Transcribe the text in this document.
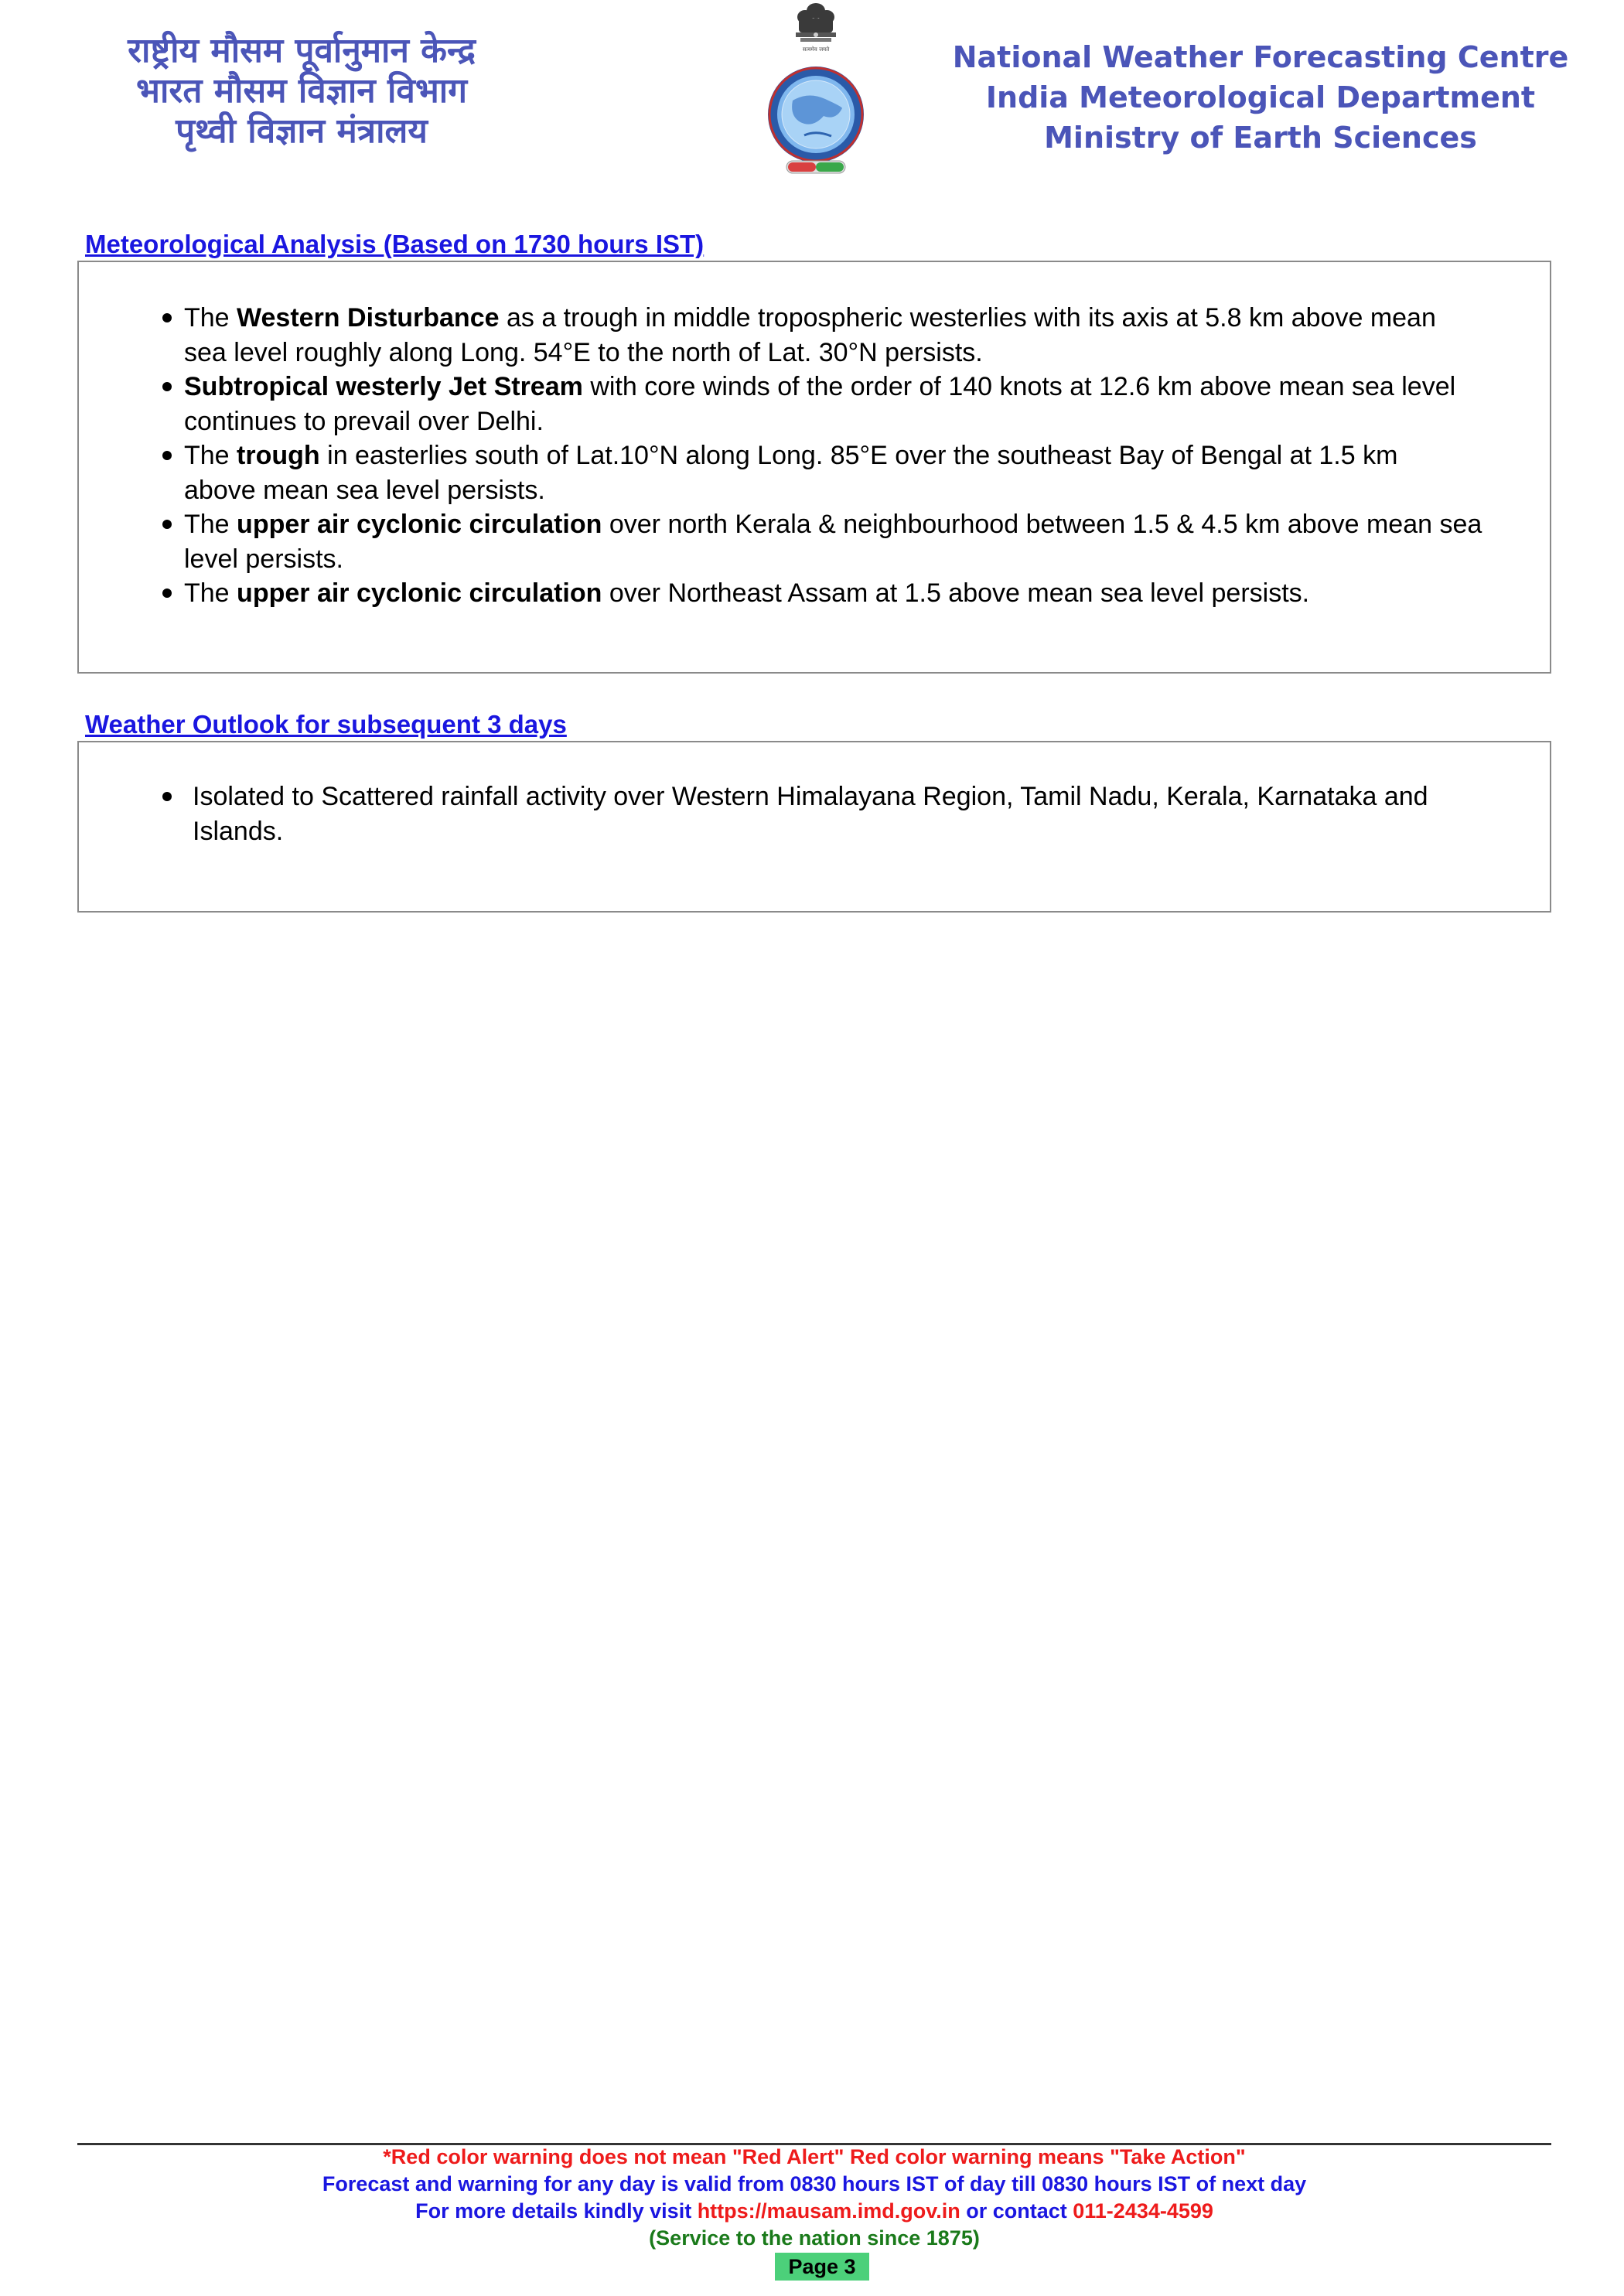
राष्ट्रीय मौसम पूर्वानुमान केन्द्र
भारत मौसम विज्ञान विभाग
पृथ्वी विज्ञान मंत्रालय
सत्यमेव जयते	National Weather Forecasting Centre
India Meteorological Department
Ministry of Earth Sciences
Meteorological Analysis (Based on 1730 hours IST)
The Western Disturbance as a trough in middle tropospheric westerlies with its axis at 5.8 km above mean
sea level roughly along Long. 54°E to the north of Lat. 30°N persists.
Subtropical westerly Jet Stream with core winds of the order of 140 knots at 12.6 km above mean sea level
continues to prevail over Delhi.
The trough in easterlies south of Lat.10°N along Long. 85°E over the southeast Bay of Bengal at 1.5 km
above mean sea level persists.
The upper air cyclonic circulation over north Kerala & neighbourhood between 1.5 & 4.5 km above mean sea
level persists.
The upper air cyclonic circulation over Northeast Assam at 1.5 above mean sea level persists.
Weather Outlook for subsequent 3 days
Isolated to Scattered rainfall activity over Western Himalayana Region, Tamil Nadu, Kerala, Karnataka and
Islands.
*Red color warning does not mean "Red Alert" Red color warning means "Take Action"
Forecast and warning for any day is valid from 0830 hours IST of day till 0830 hours IST of next day
For more details kindly visit https://mausam.imd.gov.in or contact 011-2434-4599
(Service to the nation since 1875)
Page 3
